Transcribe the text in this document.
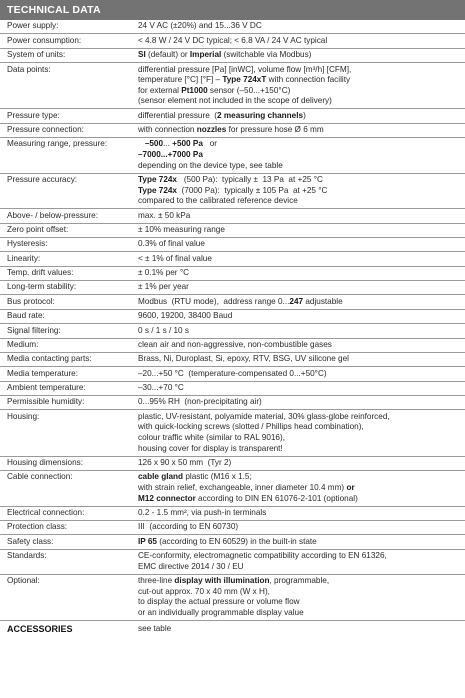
TECHNICAL DATA
Power supply:	24 V AC (±20%) and 15...36 V DC

Power consumption:	< 4.8 W / 24 V DC typical; < 6.8 VA / 24 V AC typical

System of units:	SI (default) or Imperial (switchable via Modbus)

Data points:	differential pressure [Pa] [inWC], volume flow [m³/h] [CFM],
temperature [°C] [°F] – Type 724xT with connection facility
for external Pt1000 sensor (–50...+150°C)
(sensor element not included in the scope of delivery)

Pressure type:	differential pressure  (2 measuring channels)

Pressure connection:	with connection nozzles for pressure hose Ø 6 mm

Measuring range, pressure:	–500... +500 Pa   or
–7000...+7000 Pa
depending on the device type, see table

Pressure accuracy:	Type 724x   (500 Pa):  typically ±  13 Pa  at +25 °C
Type 724x  (7000 Pa):  typically ± 105 Pa  at +25 °C
compared to the calibrated reference device

Above- / below-pressure:	max. ± 50 kPa

Zero point offset:	± 10% measuring range

Hysteresis:	0.3% of final value

Linearity:	< ± 1% of final value

Temp. drift values:	± 0.1% per °C

Long-term stability:	± 1% per year

Bus protocol:	Modbus  (RTU mode),  address range 0...247 adjustable

Baud rate:	9600, 19200, 38400 Baud

Signal filtering:	0 s / 1 s / 10 s

Medium:	clean air and non-aggressive, non-combustible gases

Media contacting parts:	Brass, Ni, Duroplast, Si, epoxy, RTV, BSG, UV silicone gel

Media temperature:	–20...+50 °C  (temperature-compensated 0...+50°C)

Ambient temperature:	–30...+70 °C

Permissible humidity:	0...95% RH  (non-precipitating air)

Housing:	plastic, UV-resistant, polyamide material, 30% glass-globe reinforced,
with quick-locking screws (slotted / Phillips head combination),
colour traffic white (similar to RAL 9016),
housing cover for display is transparent!

Housing dimensions:	126 x 90 x 50 mm  (Tyr 2)

Cable connection:	cable gland plastic (M16 x 1.5;
with strain relief, exchangeable, inner diameter 10.4 mm) or
M12 connector according to DIN EN 61076-2-101 (optional)

Electrical connection:	0.2 - 1.5 mm², via push-in terminals

Protection class:	III  (according to EN 60730)

Safety class:	IP 65 (according to EN 60529) in the built-in state

Standards:	CE-conformity, electromagnetic compatibility according to EN 61326,
EMC directive 2014 / 30 / EU

Optional:	three-line display with illumination, programmable,
cut-out approx. 70 x 40 mm (W x H),
to display the actual pressure or volume flow
or an individually programmable display value

ACCESSORIES	see table
